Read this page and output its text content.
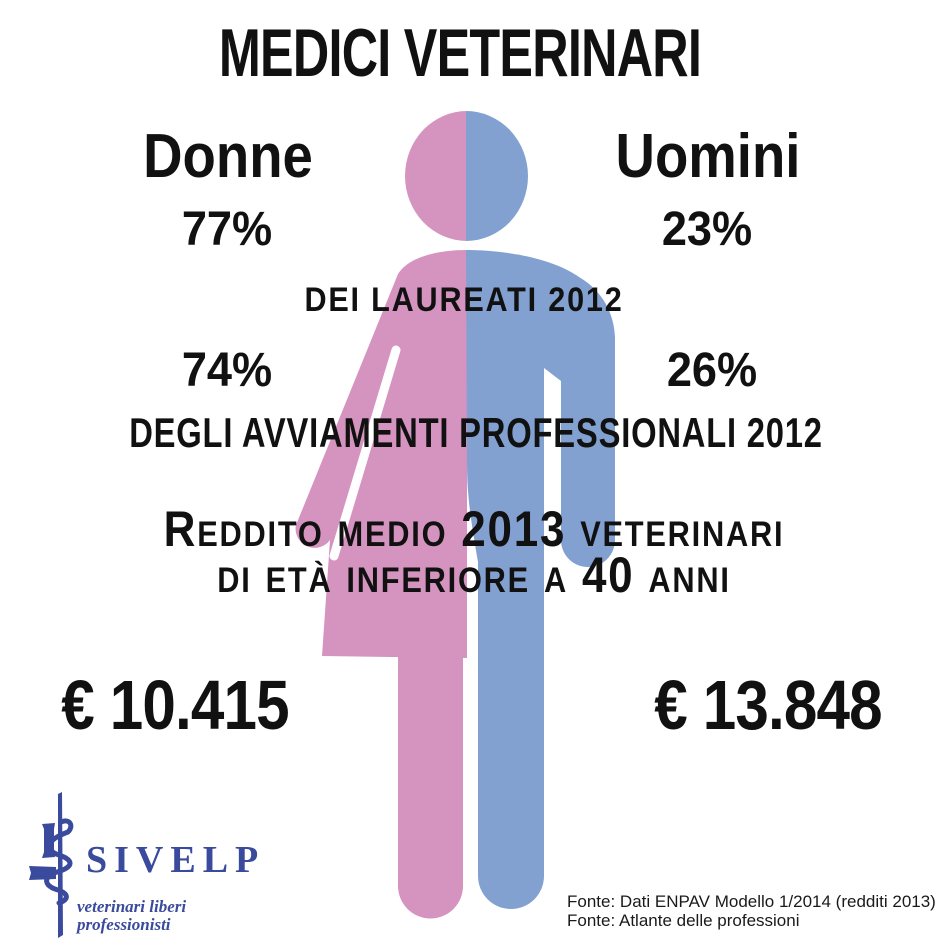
MEDICI VETERINARI
Donne	Uomini
77%	23%
DEI LAUREATI 2012
74%	26%
DEGLI AVVIAMENTI PROFESSIONALI 2012
Reddito medio 2013 veterinari
di età inferiore a 40 anni
€ 10.415	€ 13.848
SIVELP
veterinari liberi
professionisti
Fonte: Dati ENPAV Modello 1/2014 (redditi 2013)
Fonte: Atlante delle professioni
